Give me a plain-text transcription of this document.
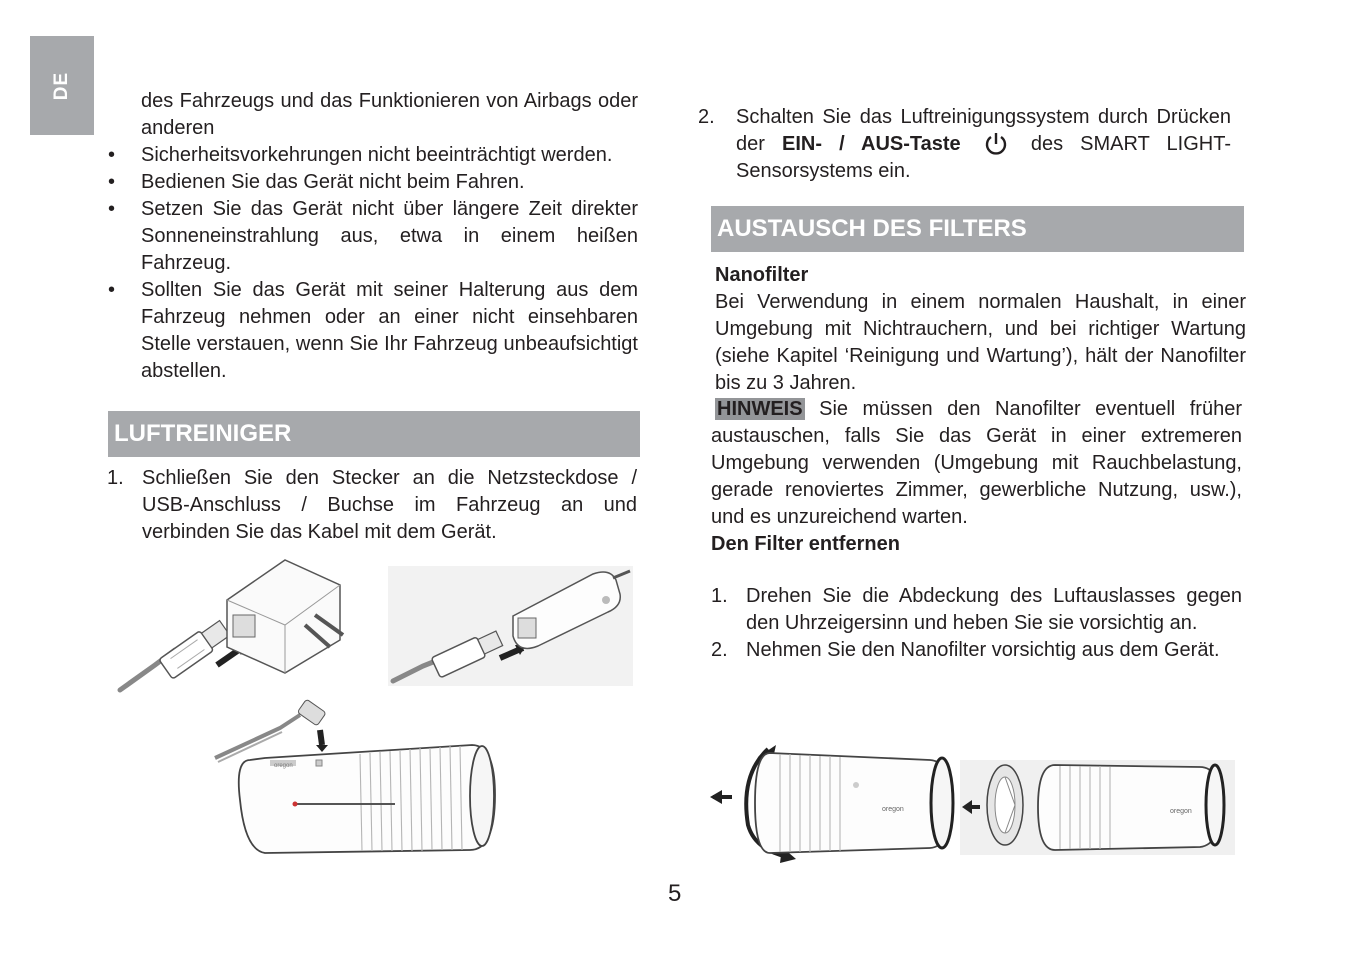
DE

des Fahrzeugs und das Funktionieren von Airbags oder anderen

• Sicherheitsvorkehrungen nicht beeinträchtigt werden.

• Bedienen Sie das Gerät nicht beim Fahren.

• Setzen Sie das Gerät nicht über längere Zeit direkter Sonneneinstrahlung aus, etwa in einem heißen Fahrzeug.

• Sollten Sie das Gerät mit seiner Halterung aus dem Fahrzeug nehmen oder an einer nicht einsehbaren Stelle verstauen, wenn Sie Ihr Fahrzeug unbeaufsichtigt abstellen.

LUFTREINIGER
1. Schließen Sie den Stecker an die Netzsteckdose / USB-Anschluss / Buchse im Fahrzeug an und verbinden Sie das Kabel mit dem Gerät.

oregon
2. Schalten Sie das Luftreinigungssystem durch Drücken der EIN- / AUS-Taste	des SMART LIGHT-Sensorsystems ein.

AUSTAUSCH DES FILTERS

Nanofilter

Bei Verwendung in einem normalen Haushalt, in einer Umgebung mit Nichtrauchern, und bei richtiger Wartung (siehe Kapitel ‘Reinigung und Wartung’), hält der Nanofilter bis zu 3 Jahren.

HINWEIS Sie müssen den Nanofilter eventuell früher austauschen, falls Sie das Gerät in einer extremeren Umgebung verwenden (Umgebung mit Rauchbelastung, gerade renoviertes Zimmer, gewerbliche Nutzung, usw.), und es unzureichend warten.

Den Filter entfernen

1. Drehen Sie die Abdeckung des Luftauslasses gegen den Uhrzeigersinn und heben Sie sie vorsichtig an.

2. Nehmen Sie den Nanofilter vorsichtig aus dem Gerät.

oregon	oregon
5
